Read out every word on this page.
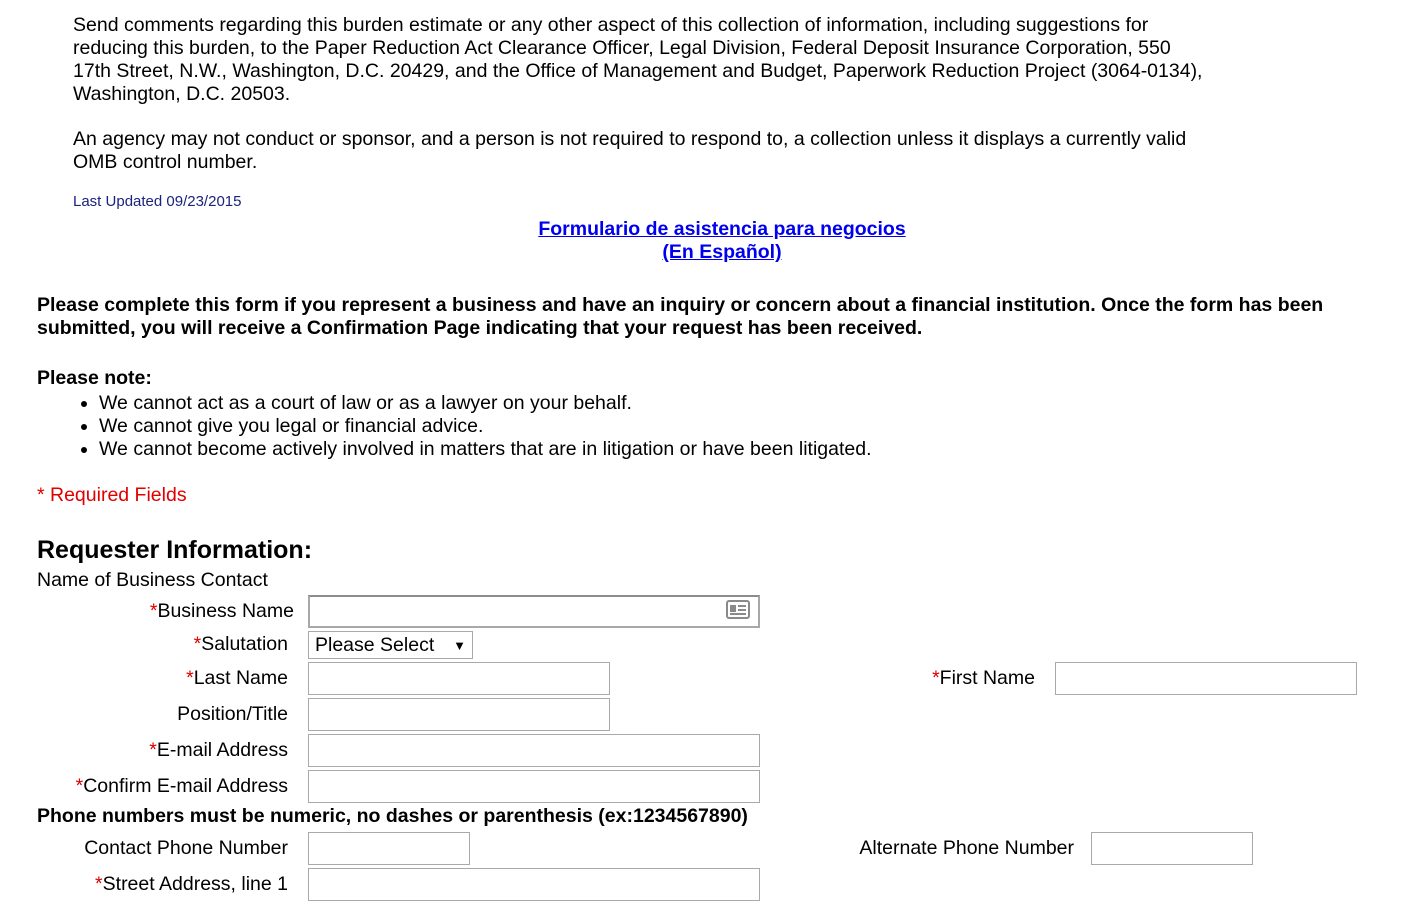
Send comments regarding this burden estimate or any other aspect of this collection of information, including suggestions for reducing this burden, to the Paper Reduction Act Clearance Officer, Legal Division, Federal Deposit Insurance Corporation, 550 17th Street, N.W., Washington, D.C. 20429, and the Office of Management and Budget, Paperwork Reduction Project (3064-0134), Washington, D.C. 20503.

An agency may not conduct or sponsor, and a person is not required to respond to, a collection unless it displays a currently valid OMB control number.

Last Updated 09/23/2015
Formulario de asistencia para negocios
(En Español)

Please complete this form if you represent a business and have an inquiry or concern about a financial institution. Once the form has been submitted, you will receive a Confirmation Page indicating that your request has been received.

Please note:
• We cannot act as a court of law or as a lawyer on your behalf.
• We cannot give you legal or financial advice.
• We cannot become actively involved in matters that are in litigation or have been litigated.
* Required Fields
Requester Information:
Name of Business Contact
*Business Name
*Salutation Please Select ▼
*Last Name	*First Name
Position/Title
*E-mail Address
*Confirm E-mail Address
Phone numbers must be numeric, no dashes or parenthesis (ex:1234567890)
Contact Phone Number	Alternate Phone Number
*Street Address, line 1
